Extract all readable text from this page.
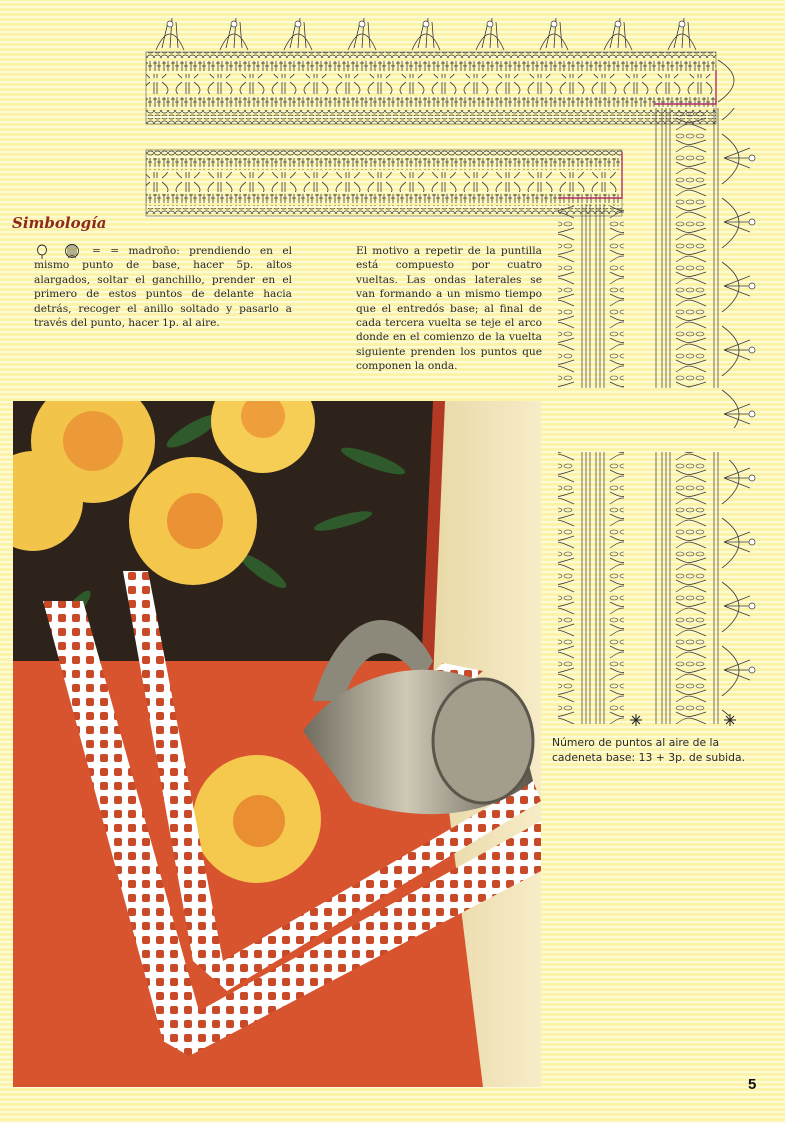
Simbología

= = madroño: prendiendo en el mismo punto de base, hacer 5p. altos alargados, soltar el ganchillo, prender en el primero de estos puntos de delante hacia detrás, recoger el anillo soltado y pasarlo a través del punto, hacer 1p. al aire.

El motivo a repetir de la puntilla está compuesto por cuatro vueltas. Las ondas laterales se van formando a un mismo tiempo que el entredós base; al final de cada tercera vuelta se teje el arco donde en el comienzo de la vuelta siguiente prenden los puntos que componen la onda.

Número de puntos al aire de la cadeneta base: 13 + 3p. de subida.

5
